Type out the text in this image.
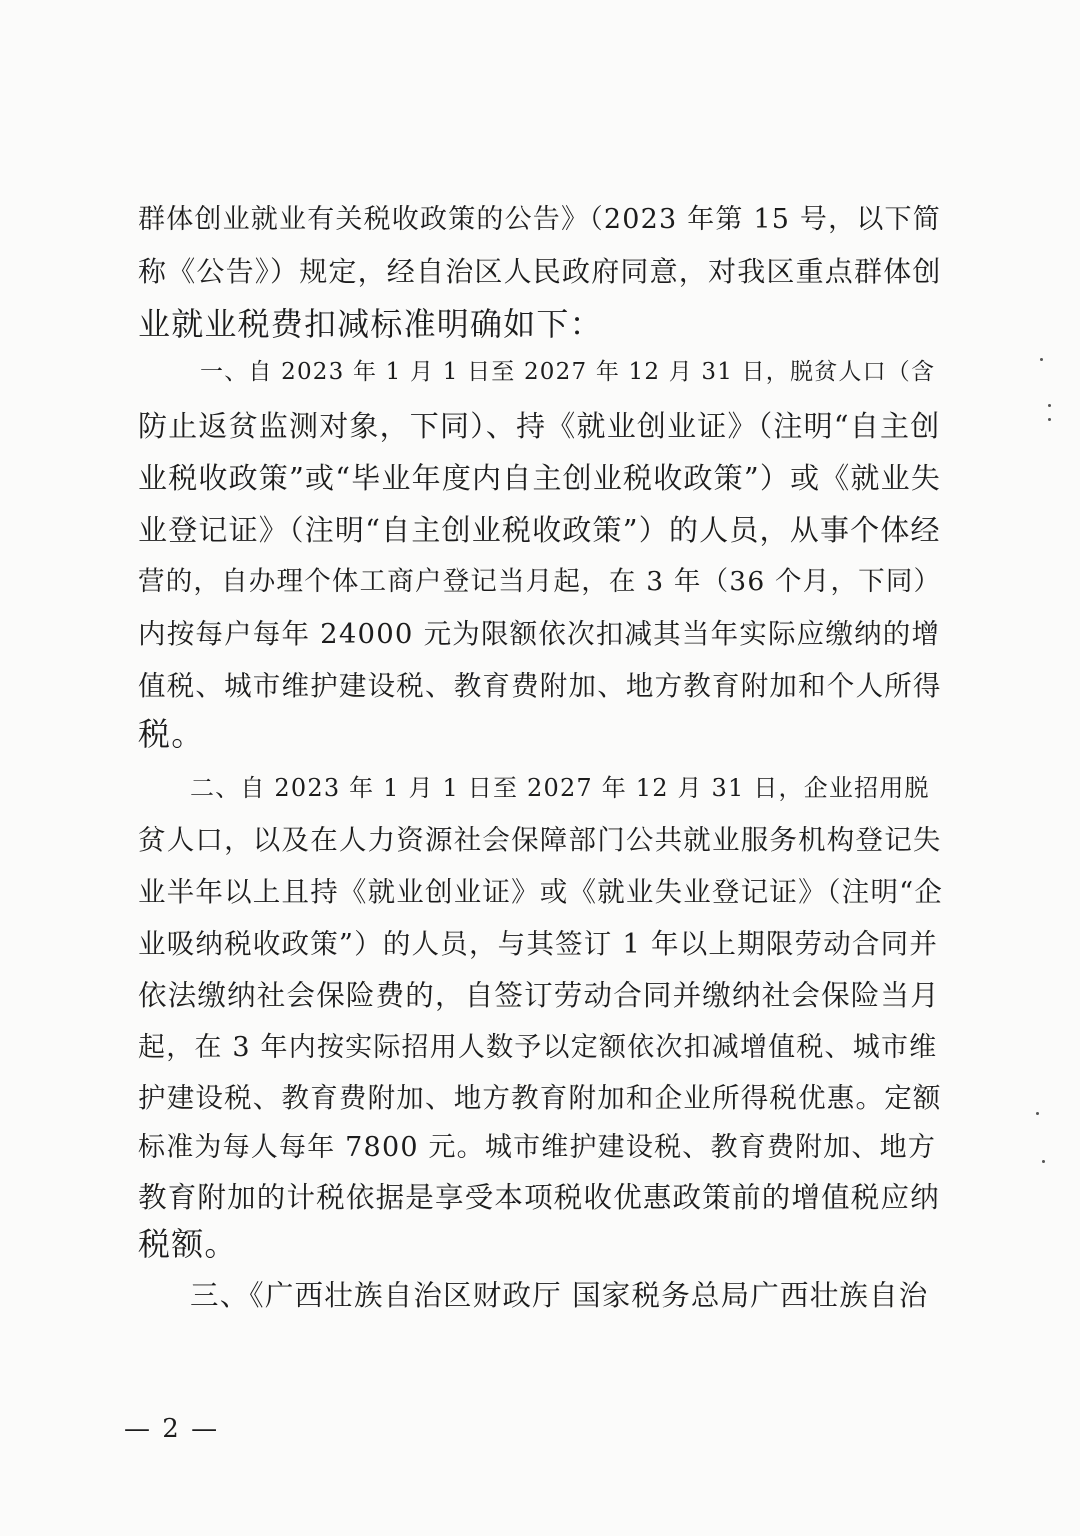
群体创业就业有关税收政策的公告》（2023 年第 15 号，以下简
称《公告》）规定，经自治区人民政府同意，对我区重点群体创
业就业税费扣减标准明确如下：
一、自 2023 年 1 月 1 日至 2027 年 12 月 31 日，脱贫人口（含
防止返贫监测对象，下同）、持《就业创业证》（注明“自主创
业税收政策”或“毕业年度内自主创业税收政策”）或《就业失
业登记证》（注明“自主创业税收政策”）的人员，从事个体经
营的，自办理个体工商户登记当月起，在 3 年（36 个月，下同）
内按每户每年 24000 元为限额依次扣减其当年实际应缴纳的增
值税、城市维护建设税、教育费附加、地方教育附加和个人所得
税。
二、自 2023 年 1 月 1 日至 2027 年 12 月 31 日，企业招用脱
贫人口，以及在人力资源社会保障部门公共就业服务机构登记失
业半年以上且持《就业创业证》或《就业失业登记证》（注明“企
业吸纳税收政策”）的人员，与其签订 1 年以上期限劳动合同并
依法缴纳社会保险费的，自签订劳动合同并缴纳社会保险当月
起，在 3 年内按实际招用人数予以定额依次扣减增值税、城市维
护建设税、教育费附加、地方教育附加和企业所得税优惠。定额
标准为每人每年 7800 元。城市维护建设税、教育费附加、地方
教育附加的计税依据是享受本项税收优惠政策前的增值税应纳
税额。
三、《广西壮族自治区财政厅 国家税务总局广西壮族自治
— 2 —
